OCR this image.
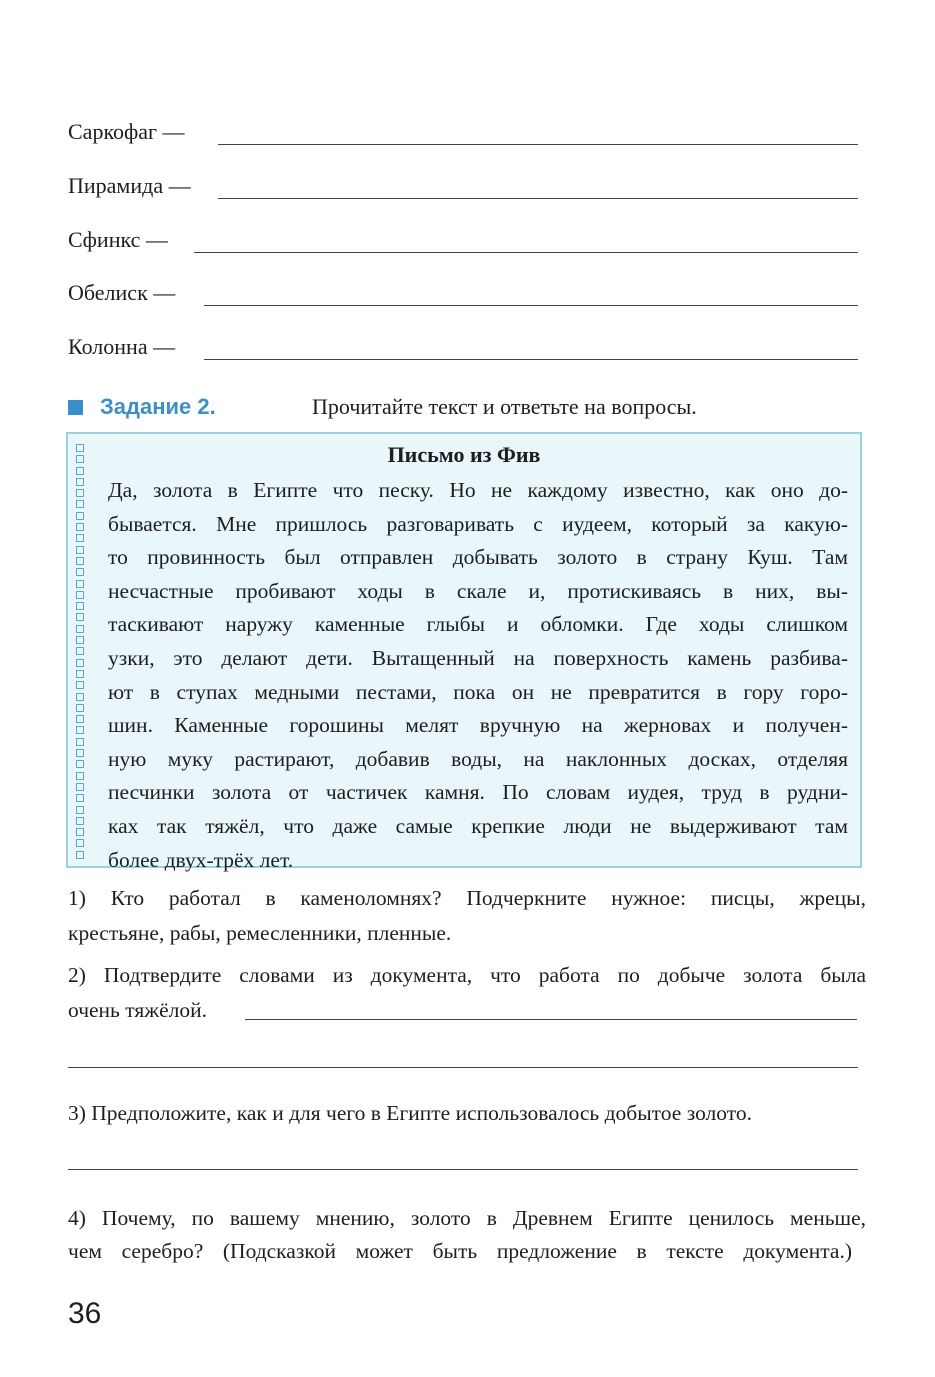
Саркофаг —
Пирамида —
Сфинкс —
Обелиск —
Колонна —
Задание 2.	Прочитайте текст и ответьте на вопросы.
Письмо из Фив
Да, золота в Египте что песку. Но не каждому известно, как оно до-
бывается. Мне пришлось разговаривать с иудеем, который за какую-
то провинность был отправлен добывать золото в страну Куш. Там
несчастные пробивают ходы в скале и, протискиваясь в них, вы-
таскивают наружу каменные глыбы и обломки. Где ходы слишком
узки, это делают дети. Вытащенный на поверхность камень разбива-
ют в ступах медными пестами, пока он не превратится в гору горо-
шин. Каменные горошины мелят вручную на жерновах и получен-
ную муку растирают, добавив воды, на наклонных досках, отделяя
песчинки золота от частичек камня. По словам иудея, труд в рудни-
ках так тяжёл, что даже самые крепкие люди не выдерживают там
более двух-трёх лет.
1) Кто работал в каменоломнях? Подчеркните нужное: писцы, жрецы,
крестьяне, рабы, ремесленники, пленные.
2) Подтвердите словами из документа, что работа по добыче золота была
очень тяжёлой.
3) Предположите, как и для чего в Египте использовалось добытое золото.
4) Почему, по вашему мнению, золото в Древнем Египте ценилось меньше,
чем серебро? (Подсказкой может быть предложение в тексте документа.)
36
